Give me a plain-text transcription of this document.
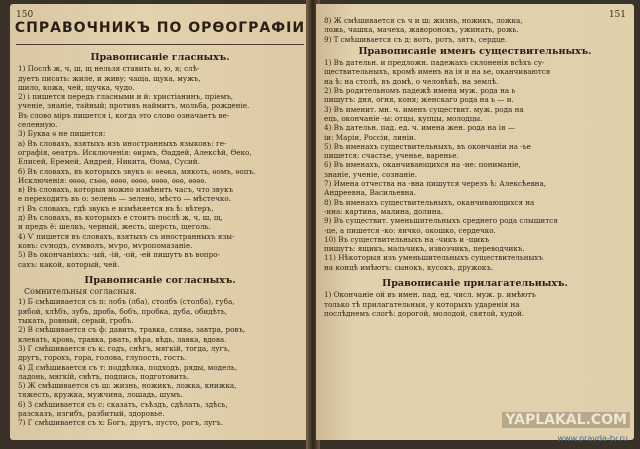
150
СПРАВОЧНИКЪ ПО ОРѲОГРАФІИ
Правописаніе гласныхъ.
1) Послѣ ж, ч, ш, щ нельзя ставить ы, ю, я; слѣ-
дуетъ писать: жиле, и живу; чаща, щука, мужъ,
шило, кожа, чей, щучка, чудо.
2) і пишется передъ гласными и й: христіанинъ, пріемъ,
ученіе, знаніе, тайный; противъ наймитъ, мольба, рожденіе.
Въ слово міръ пишется і, когда это слово означаетъ ве-
селенную.
3) Буква ѳ не пишется:
а) Въ словахъ, взятыхъ изъ иностранныхъ языковъ: ге-
ографія, ѳеатръ. Исключенія: ѳирмъ, Ѳаддей, Алексѣй, Ѳеко,
Елисей, Еремей, Андрей, Никита, Ѳома, Сусий.
б) Въ словахъ, въ которыхъ звукъ ѳ: ѳеѳка, мякоть, ѳомъ, ѳопъ.
Исключенія: ѳѳѳѳ, съѳѳ, ѳѳѳѳ, ѳѳѳѳ, ѳѳѳѳ, ѳѳѳ, ѳѳѳѳ.
в) Въ словахъ, которыя можно измѣнить часъ, что звукъ
е переходитъ въ о: зелень — зелено, мѣсто — мѣстечко.
г) Въ словахъ, гдѣ звукъ е измѣняется въ ѣ: вѣтеръ,
д) Въ словахъ, въ которыхъ е стоитъ послѣ ж, ч, ш, щ,
и предъ ё: шелкъ, черный, жесть, шерсть, щеголь.
4) Ѵ пишется въ словахъ, взятыхъ съ иностранныхъ язы-
ковъ: сѵнодъ, сѵмволъ, мѵро, мѵропомазаніе.
5) Въ окончаніяхъ: -ый, -ій, -ой, -ей пишутъ въ вопро-
сахъ: какой, который, чей.
Правописаніе согласныхъ.
Сомнительныя согласныя.
1) Б смѣшивается съ п: лобъ (лба), столбъ (столба), губа,
рябой, хлѣбъ, зубъ, дробь, бобъ, пробка, дуба, обидѣть,
тыкать, ровный, серый, гробъ.
2) В смѣшивается съ ф: давить, травка, слива, завтра, ровъ,
клевать, кровь, травка, рвать, вѣра, вѣдь, лавка, вдова.
3) Г смѣшивается съ к: годъ, снѣгъ, мягкій, тогда, лугъ,
другъ, горохъ, гора, голова, глупость, гость.
4) Д смѣшивается съ т: поддѣлка, подходъ, ряды, модель,
ладонь, мягкій, свѣтъ, подпись, подготовить.
5) Ж смѣшивается съ ш: жизнь, ножикъ, ложка, книжка,
тяжесть, кружка, мужчина, лошадь, шумъ.
6) З смѣшивается съ с: сказать, съѣздъ, сдѣлать, здѣсь,
разсказъ, изгибъ, разбитый, здоровье.
7) Г смѣшивается съ х: Богъ, другъ, пусто, рогъ, лугъ.
151
8) Ж смѣшивается съ ч и ш: жизнь, ножикъ, ложка,
ложь, чашка, мачеха, жаворонокъ, ужинать, рожь.
9) Т смѣшивается съ д: вотъ, ротъ, зятъ, сердце.
Правописаніе именъ существительныхъ.
1) Въ дательн. и предложн. падежахъ склоненія всѣхъ су-
ществительныхъ, кромѣ именъ на ія и на ье, оканчиваются
на ѣ: на столѣ, въ домѣ, о человѣкѣ, на землѣ.
2) Въ родительномъ падежѣ имена муж. рода на ь
пишутъ: дня, огня, коня; женскаго рода на ь — и.
3) Въ именит. мн. ч. именъ существит. муж. рода на
ець, окончаніе -ы: отцы, купцы, молодцы.
4) Въ дательн. пад. ед. ч. имена жен. рода на ія —
іи: Маріи, Россіи, линіи.
5) Въ именахъ существительныхъ, въ окончаніи на -ье
пишется: счастье, ученье, варенье.
6) Въ именахъ, оканчивающихся на -ие: пониманіе,
знаніе, ученіе, сознаніе.
7) Имена отчества на -вна пишутся черезъ ѣ: Алексѣевна,
Андреевна, Васильевна.
8) Въ именахъ существительныхъ, оканчивающихся на
-ина: картина, малина, долина.
9) Въ существит. уменьшительныхъ среднего рода слышится
-це, а пишется -ко: яичко, окошко, сердечко.
10) Въ существительныхъ на -чикъ и -щикъ
пишутъ: ящикъ, мальчикъ, извозчикъ, переводчикъ.
11) Нѣкоторыя изъ уменьшительныхъ существительныхъ
на концѣ имѣютъ: сынокъ, кусокъ, дружокъ.
Правописаніе прилагательныхъ.
1) Окончаніе ой въ имен. пад. ед. числ. муж. р. имѣютъ
только тѣ прилагательныя, у которыхъ ударенія на
послѣднемъ слогѣ: дорогой, молодой, святой, худой.
YAPLAKAL.COM
www.pravda-tv.ru
